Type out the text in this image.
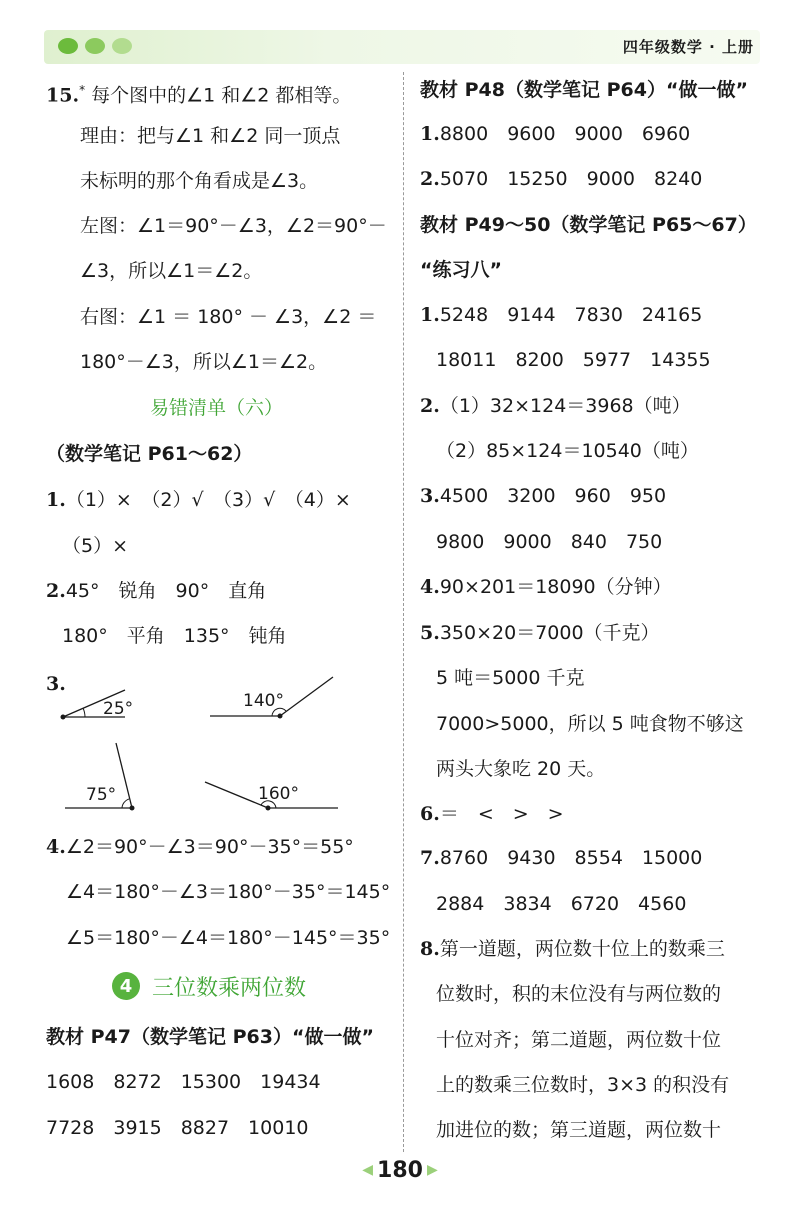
四年级数学 · 上册
15.* 每个图中的∠1 和∠2 都相等。
理由：把与∠1 和∠2 同一顶点
未标明的那个角看成是∠3。
左图：∠1＝90°－∠3，∠2＝90°－
∠3，所以∠1＝∠2。
右图：∠1 ＝ 180° － ∠3，∠2 ＝
180°－∠3，所以∠1＝∠2。
易错清单（六）
（数学笔记 P61～62）
1.（1）×　（2）√　（3）√　（4）×
（5）×
2.45°　锐角　90°　直角
180°　平角　135°　钝角
3.
25°	140°
75°	160°
4.∠2＝90°－∠3＝90°－35°＝55°
∠4＝180°－∠3＝180°－35°＝145°
∠5＝180°－∠4＝180°－145°＝35°
4 三位数乘两位数
教材 P47（数学笔记 P63）“做一做”
1608　8272　15300　19434
7728　3915　8827　10010
教材 P48（数学笔记 P64）“做一做”
1.8800　9600　9000　6960
2.5070　15250　9000　8240
教材 P49～50（数学笔记 P65～67）
“练习八”
1.5248　9144　7830　24165
18011　8200　5977　14355
2.（1）32×124＝3968（吨）
（2）85×124＝10540（吨）
3.4500　3200　960　950
9800　9000　840　750
4.90×201＝18090（分钟）
5.350×20＝7000（千克）
5 吨＝5000 千克
7000>5000，所以 5 吨食物不够这
两头大象吃 20 天。
6.＝　<　>　>
7.8760　9430　8554　15000
2884　3834　6720　4560
8.第一道题，两位数十位上的数乘三
位数时，积的末位没有与两位数的
十位对齐；第二道题，两位数十位
上的数乘三位数时，3×3 的积没有
加进位的数；第三道题，两位数十
◀ 180 ▶
